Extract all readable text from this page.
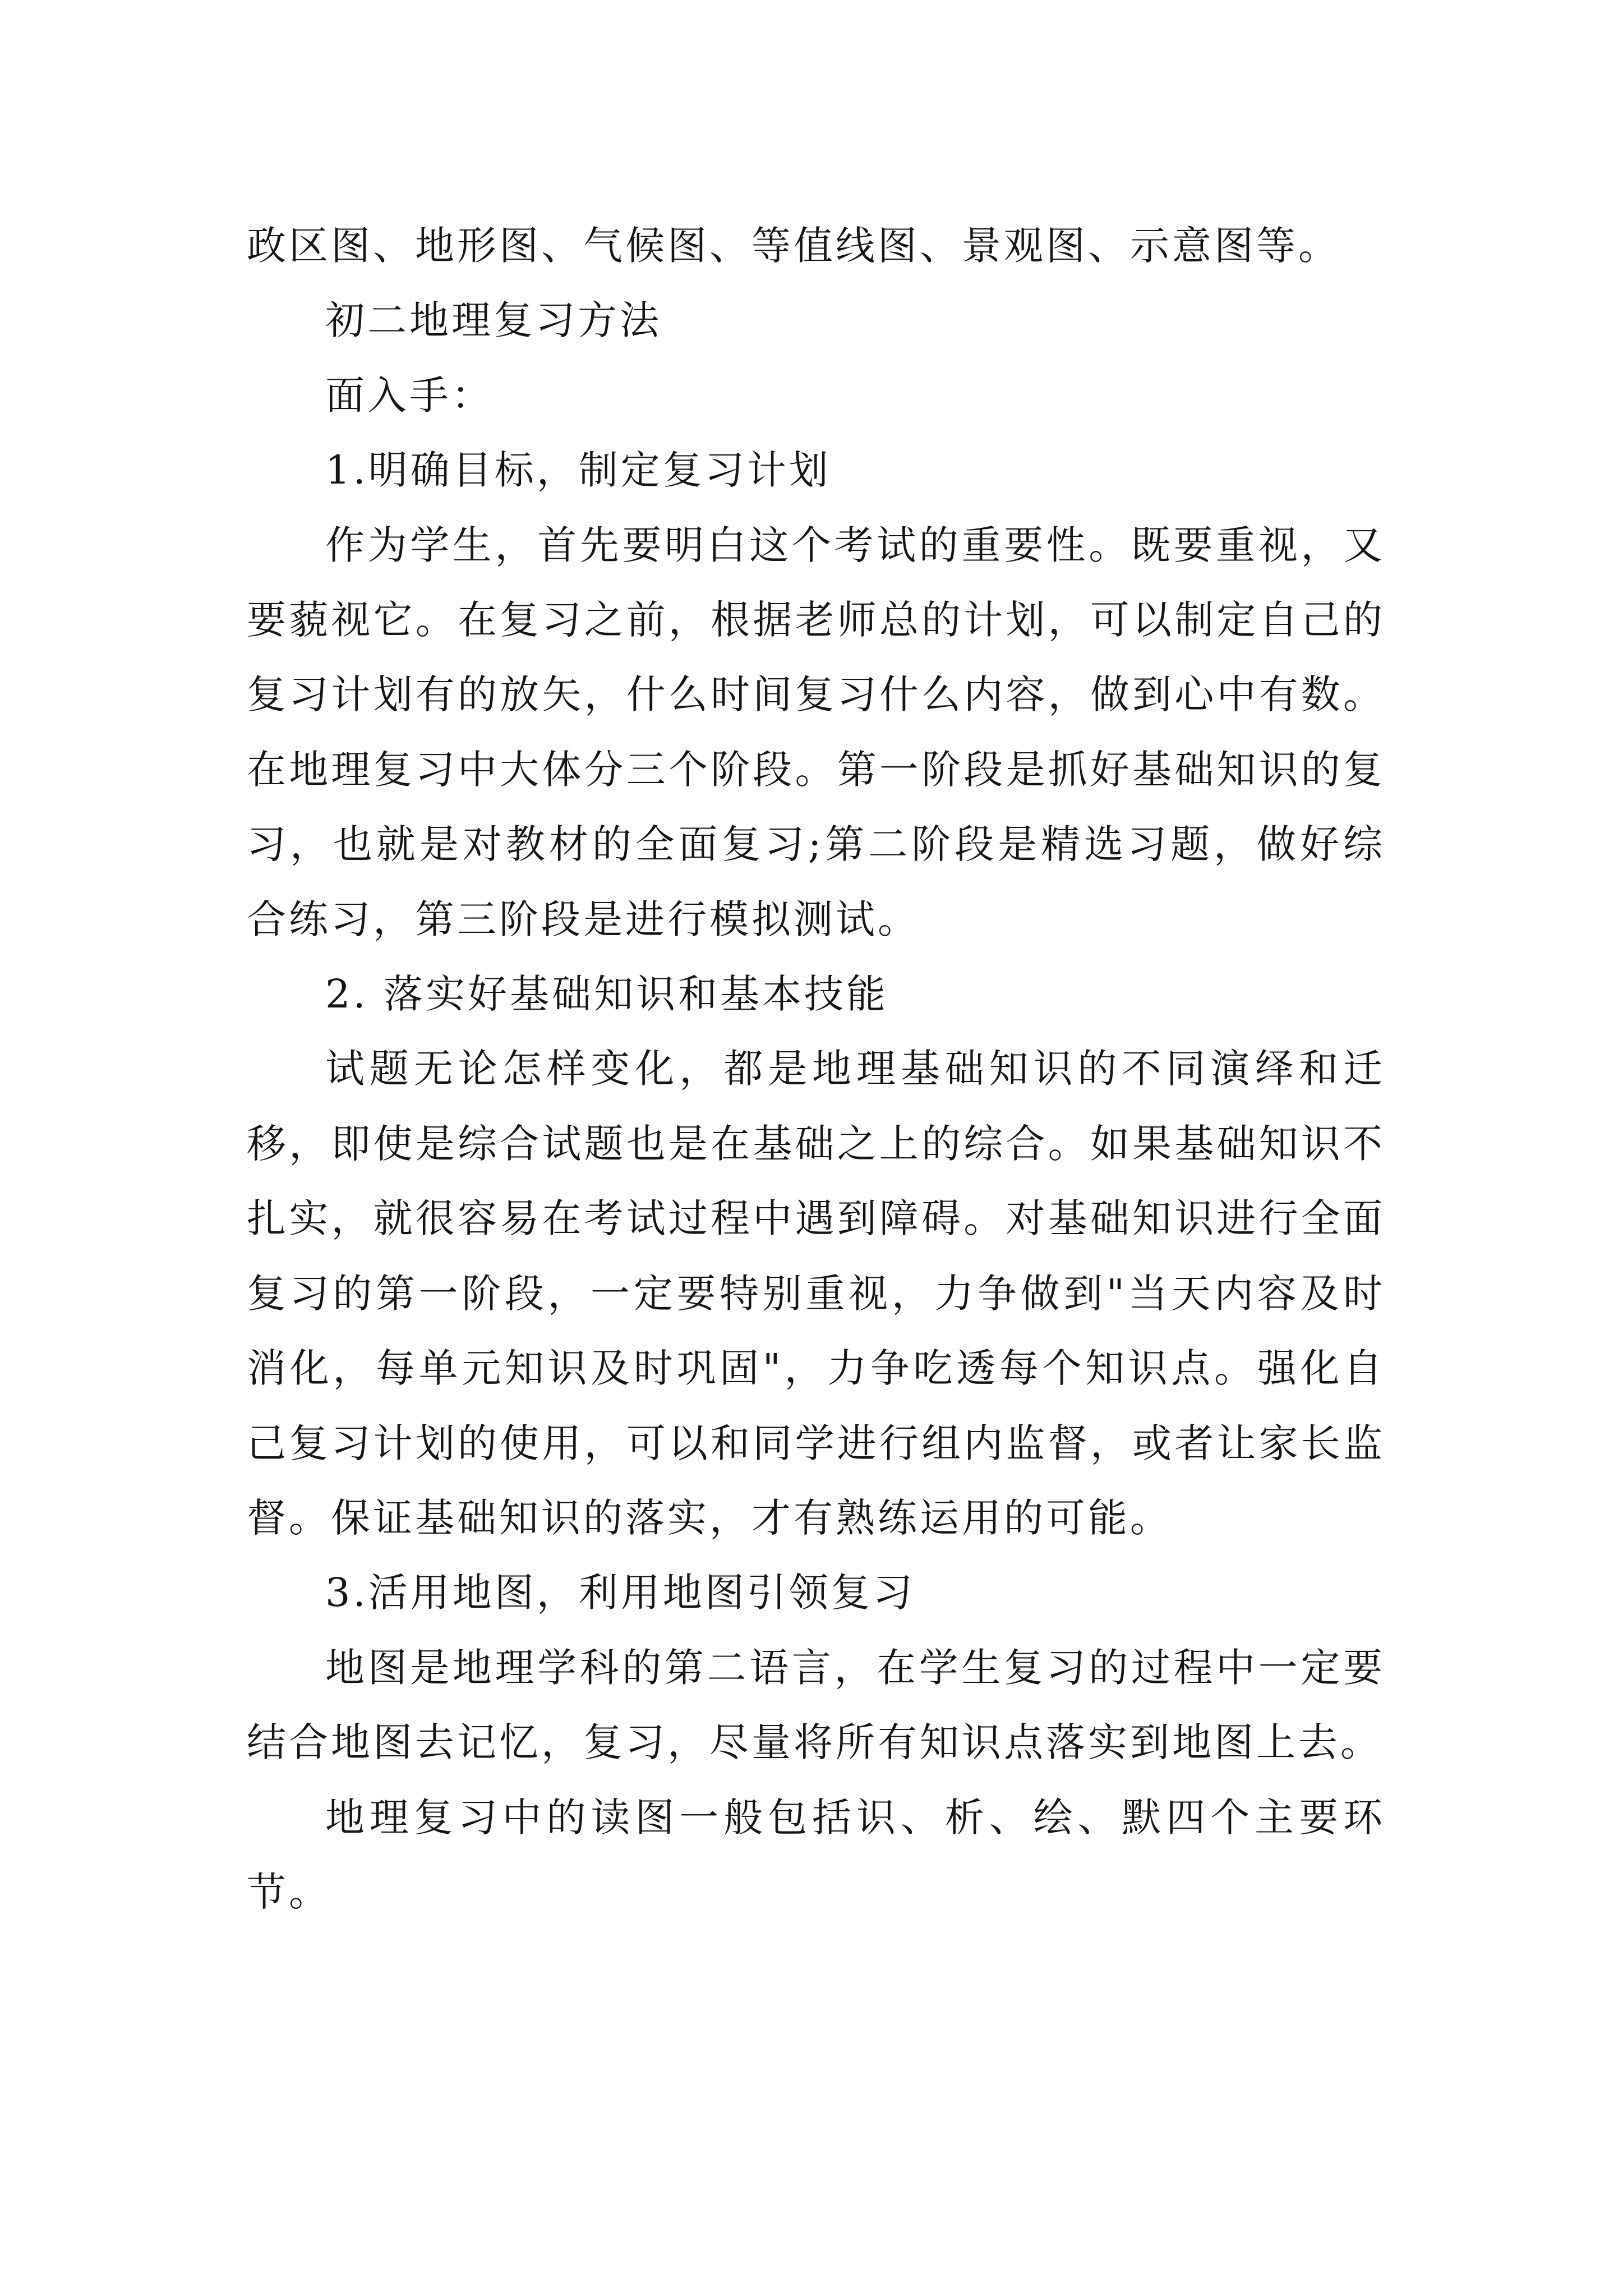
政区图、地形图、气候图、等值线图、景观图、示意图等。

初二地理复习方法

面入手：

1.明确目标，制定复习计划

作为学生，首先要明白这个考试的重要性。既要重视，又要藐视它。在复习之前，根据老师总的计划，可以制定自己的复习计划有的放矢，什么时间复习什么内容，做到心中有数。在地理复习中大体分三个阶段。第一阶段是抓好基础知识的复习，也就是对教材的全面复习;第二阶段是精选习题，做好综合练习，第三阶段是进行模拟测试。

2. 落实好基础知识和基本技能

试题无论怎样变化，都是地理基础知识的不同演绎和迁移，即使是综合试题也是在基础之上的综合。如果基础知识不扎实，就很容易在考试过程中遇到障碍。对基础知识进行全面复习的第一阶段，一定要特别重视，力争做到"当天内容及时消化，每单元知识及时巩固"，力争吃透每个知识点。强化自己复习计划的使用，可以和同学进行组内监督，或者让家长监督。保证基础知识的落实，才有熟练运用的可能。

3.活用地图，利用地图引领复习

地图是地理学科的第二语言，在学生复习的过程中一定要结合地图去记忆，复习，尽量将所有知识点落实到地图上去。

地理复习中的读图一般包括识、析、绘、默四个主要环节。
